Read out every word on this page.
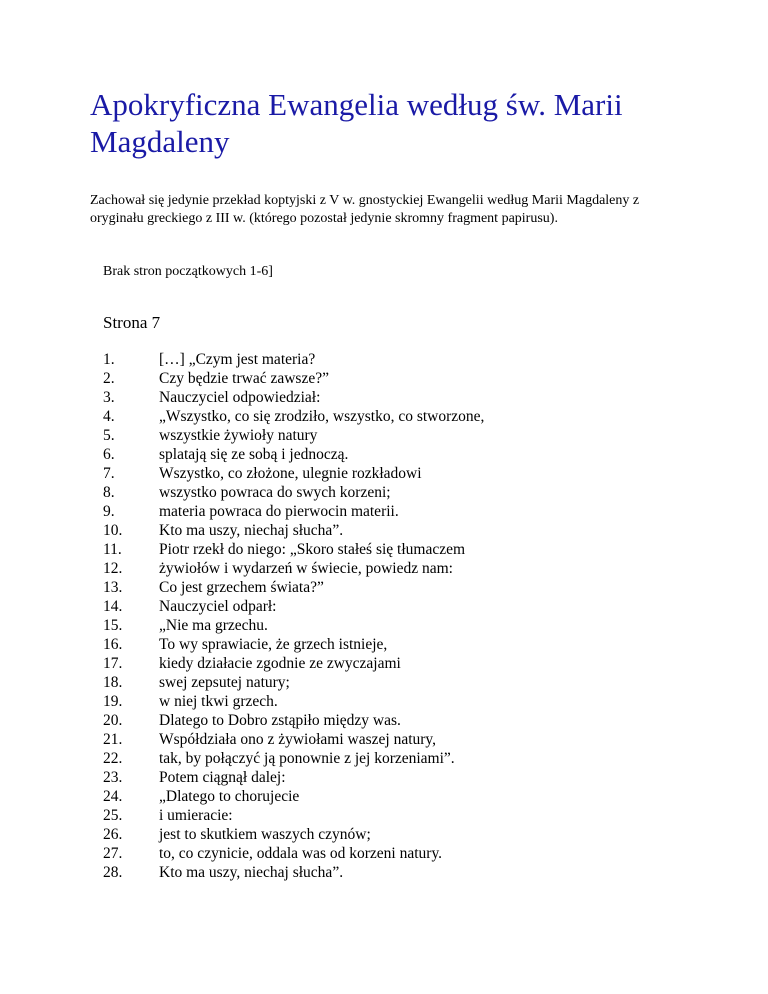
Apokryficzna Ewangelia według św. Marii Magdaleny

Zachował się jedynie przekład koptyjski z V w. gnostyckiej Ewangelii według Marii Magdaleny z oryginału greckiego z III w. (którego pozostał jedynie skromny fragment papirusu).

Brak stron początkowych 1-6]

Strona 7
1.	[…] „Czym jest materia?
2.	Czy będzie trwać zawsze?”
3.	Nauczyciel odpowiedział:
4.	„Wszystko, co się zrodziło, wszystko, co stworzone,
5.	wszystkie żywioły natury
6.	splatają się ze sobą i jednoczą.
7.	Wszystko, co złożone, ulegnie rozkładowi
8.	wszystko powraca do swych korzeni;
9.	materia powraca do pierwocin materii.
10.	Kto ma uszy, niechaj słucha”.
11.	Piotr rzekł do niego: „Skoro stałeś się tłumaczem
12.	żywiołów i wydarzeń w świecie, powiedz nam:
13.	Co jest grzechem świata?”
14.	Nauczyciel odparł:
15.	„Nie ma grzechu.
16.	To wy sprawiacie, że grzech istnieje,
17.	kiedy działacie zgodnie ze zwyczajami
18.	swej zepsutej natury;
19.	w niej tkwi grzech.
20.	Dlatego to Dobro zstąpiło między was.
21.	Współdziała ono z żywiołami waszej natury,
22.	tak, by połączyć ją ponownie z jej korzeniami”.
23.	Potem ciągnął dalej:
24.	„Dlatego to chorujecie
25.	i umieracie:
26.	jest to skutkiem waszych czynów;
27.	to, co czynicie, oddala was od korzeni natury.
28.	Kto ma uszy, niechaj słucha”.
